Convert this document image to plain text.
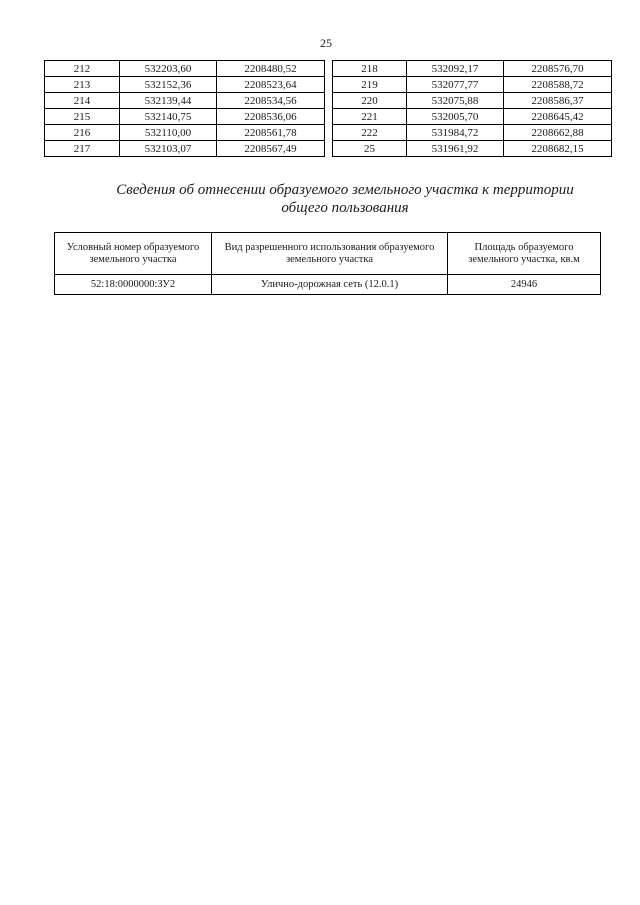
25
212	532203,60	2208480,52
213	532152,36	2208523,64
214	532139,44	2208534,56
215	532140,75	2208536,06
216	532110,00	2208561,78
217	532103,07	2208567,49
218	532092,17	2208576,70
219	532077,77	2208588,72
220	532075,88	2208586,37
221	532005,70	2208645,42
222	531984,72	2208662,88
25	531961,92	2208682,15
Сведения об отнесении образуемого земельного участка к территории
общего пользования
Условный номер образуемого земельного участка	Вид разрешенного использования образуемого земельного участка	Площадь образуемого земельного участка, кв.м
52:18:0000000:ЗУ2	Улично-дорожная сеть (12.0.1)	24946
